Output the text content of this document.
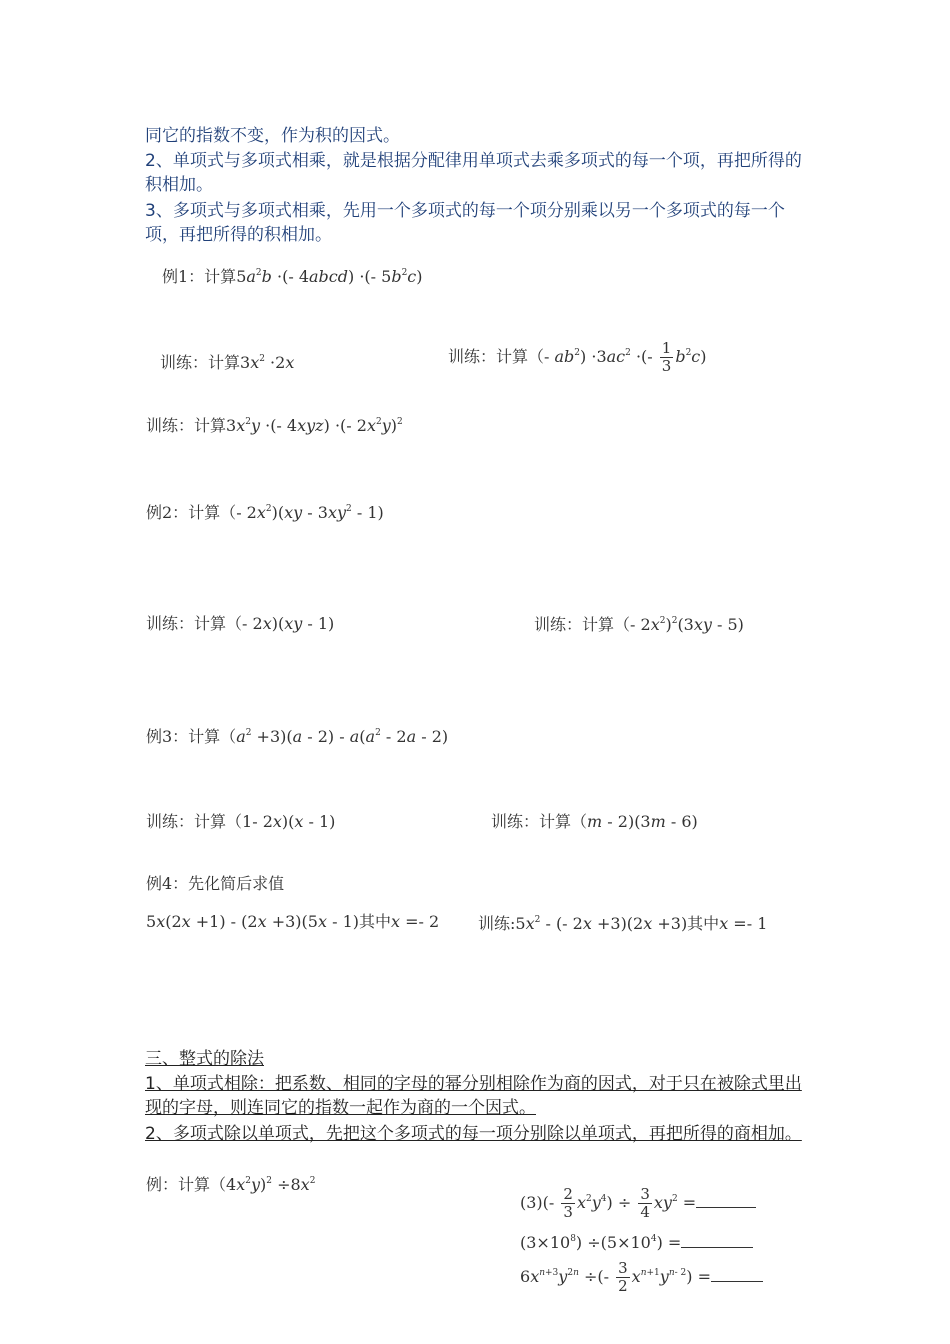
同它的指数不变，作为积的因式。
2、单项式与多项式相乘，就是根据分配律用单项式去乘多项式的每一个项，再把所得的积相加。
3、多项式与多项式相乘，先用一个多项式的每一个项分别乘以另一个多项式的每一个项，再把所得的积相加。
例1：计算$5a^2b$ ·(- 4abcd) ·(- $5b^2c$)
训练：计算$3x^2 \cdot 2x$	训练：计算（- $ab^2) \cdot 3ac^2$ ·(- $\frac{1}{3} b^2c$)
训练：计算$3x^2y$ ·(- 4xyz) ·(- $2x^2y)^2$
例2：计算（- $2x^2)(xy - 3xy^2 - 1)$
训练：计算（- 2x)(xy - 1)	训练：计算（- $2x^2)^2(3xy - 5)$
例3：计算$(a^2 +3)(a - 2) - a(a^2 - 2a - 2)$
训练：计算（1- 2x)(x - 1)	训练：计算（m - 2)(3m - 6)
例4：先化简后求值
5x(2x +1) - (2x +3)(5x - 1)其中x =- 2 训练$:5x^2$ - (- 2x +3)(2x +3)其中x =- 1
三、整式的除法
1、单项式相除：把系数、相同的字母的幂分别相除作为商的因式，对于只在被除式里出现的字母，则连同它的指数一起作为商的一个因式。
2、多项式除以单项式，先把这个多项式的每一项分别除以单项式，再把所得的商相加。
例：计算$(4x^2y)^2 \div 8x^2$
$(3)(- \frac{2}{3} x^2y^4) \div \frac{3}{4} xy^2$ =
$(3\times 10^8) \div(5\times 10^4)$ =
$6x^{n+3}y^{2n}$ ÷(- $\frac{3}{2} x^{n+1}y^{n- 2}$) =
